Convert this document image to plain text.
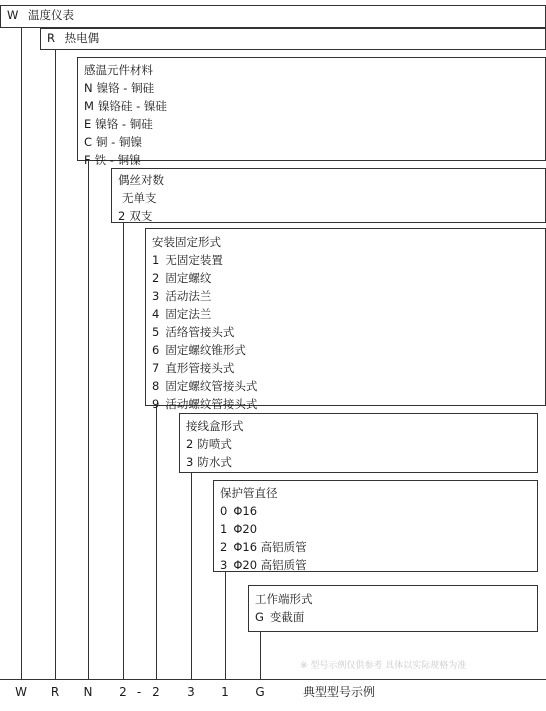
W 温度仪表
R 热电偶
感温元件材料
N 镍铬 - 铜硅
M 镍铬硅 - 镍硅
E 镍铬 - 铜硅
C 铜 - 铜镍
F 铁 - 铜镍
偶丝对数
无单支
2 双支
安装固定形式
1 无固定装置
2 固定螺纹
3 活动法兰
4 固定法兰
5 活络管接头式
6 固定螺纹锥形式
7 直形管接头式
8 固定螺纹管接头式
9 活动螺纹管接头式
接线盒形式
2 防喷式
3 防水式
保护管直径
0 Φ16
1 Φ20
2 Φ16 高铝质管
3 Φ20 高铝质管
工作端形式
G 变截面
※ 型号示例仅供参考 具体以实际规格为准
W	R	N	2 - 2	3	1	G	典型型号示例
